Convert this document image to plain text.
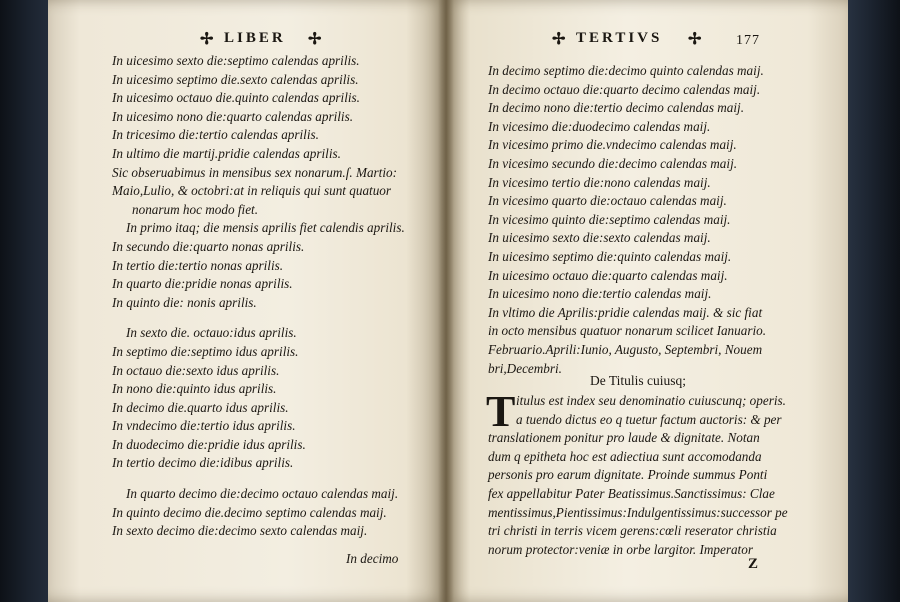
✢ LIBER ✢
In uicesimo sexto die:septimo calendas aprilis.
In uicesimo septimo die.sexto calendas aprilis.
In uicesimo octauo die.quinto calendas aprilis.
In uicesimo nono die:quarto calendas aprilis.
In tricesimo die:tertio calendas aprilis.
In ultimo die martij.pridie calendas aprilis.
Sic obseruabimus in mensibus sex nonarum.ſ. Martio:
Maio,Lulio, & octobri:at in reliquis qui sunt quatuor
nonarum hoc modo fiet.
In primo itaq; die mensis aprilis fiet calendis aprilis.
In secundo die:quarto nonas aprilis.
In tertio die:tertio nonas aprilis.
In quarto die:pridie nonas aprilis.
In quinto die: nonis aprilis.
In sexto die. octauo:idus aprilis.
In septimo die:septimo idus aprilis.
In octauo die:sexto idus aprilis.
In nono die:quinto idus aprilis.
In decimo die.quarto idus aprilis.
In vndecimo die:tertio idus aprilis.
In duodecimo die:pridie idus aprilis.
In tertio decimo die:idibus aprilis.
In quarto decimo die:decimo octauo calendas maij.
In quinto decimo die.decimo septimo calendas maij.
In sexto decimo die:decimo sexto calendas maij.
In decimo
✢ TERTIVS ✢ 177
In decimo septimo die:decimo quinto calendas maij.
In decimo octauo die:quarto decimo calendas maij.
In decimo nono die:tertio decimo calendas maij.
In vicesimo die:duodecimo calendas maij.
In vicesimo primo die.vndecimo calendas maij.
In vicesimo secundo die:decimo calendas maij.
In vicesimo tertio die:nono calendas maij.
In vicesimo quarto die:octauo calendas maij.
In vicesimo quinto die:septimo calendas maij.
In uicesimo sexto die:sexto calendas maij.
In uicesimo septimo die:quinto calendas maij.
In uicesimo octauo die:quarto calendas maij.
In uicesimo nono die:tertio calendas maij.
In vltimo die Aprilis:pridie calendas maij. & sic fiat
in octo mensibus quatuor nonarum scilicet Ianuario.
Februario.Aprili:Iunio, Augusto, Septembri, Nouem
bri,Decembri.
De Titulis cuiusq;
T itulus est index seu denominatio cuiuscunq; operis.
a tuendo dictus eo q tuetur factum auctoris: & per
translationem ponitur pro laude & dignitate. Notan
dum q epitheta hoc est adiectiua sunt accomodanda
personis pro earum dignitate. Proinde summus Ponti
fex appellabitur Pater Beatissimus.Sanctissimus: Clae
mentissimus,Pientissimus:Indulgentissimus:successor pe
tri christi in terris vicem gerens:cœli reserator christia
norum protector:veniæ in orbe largitor. Imperator
Z
